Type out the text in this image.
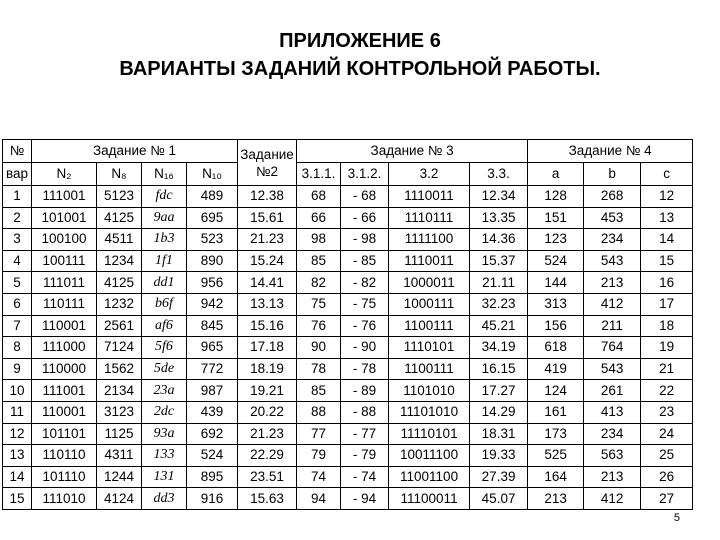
ПРИЛОЖЕНИЕ 6
ВАРИАНТЫ ЗАДАНИЙ КОНТРОЛЬНОЙ РАБОТЫ.
№	Задание № 1				Задание №2	Задание № 3				Задание № 4		
вар	N₂	N₈	N₁₆	N₁₀		3.1.1.	3.1.2.	3.2	3.3.	a	b	c
1	111001	5123	fdc	489	12.38	68	- 68	1110011	12.34	128	268	12
2	101001	4125	9aa	695	15.61	66	- 66	1110111	13.35	151	453	13
3	100100	4511	1b3	523	21.23	98	- 98	1111100	14.36	123	234	14
4	100111	1234	1f1	890	15.24	85	- 85	1110011	15.37	524	543	15
5	111011	4125	dd1	956	14.41	82	- 82	1000011	21.11	144	213	16
6	110111	1232	b6f	942	13.13	75	- 75	1000111	32.23	313	412	17
7	110001	2561	af6	845	15.16	76	- 76	1100111	45.21	156	211	18
8	111000	7124	5f6	965	17.18	90	- 90	1110101	34.19	618	764	19
9	110000	1562	5de	772	18.19	78	- 78	1100111	16.15	419	543	21
10	111001	2134	23a	987	19.21	85	- 89	1101010	17.27	124	261	22
11	110001	3123	2dc	439	20.22	88	- 88	11101010	14.29	161	413	23
12	101101	1125	93a	692	21.23	77	- 77	11110101	18.31	173	234	24
13	110110	4311	133	524	22.29	79	- 79	10011100	19.33	525	563	25
14	101110	1244	131	895	23.51	74	- 74	11001100	27.39	164	213	26
15	111010	4124	dd3	916	15.63	94	- 94	11100011	45.07	213	412	27
5
